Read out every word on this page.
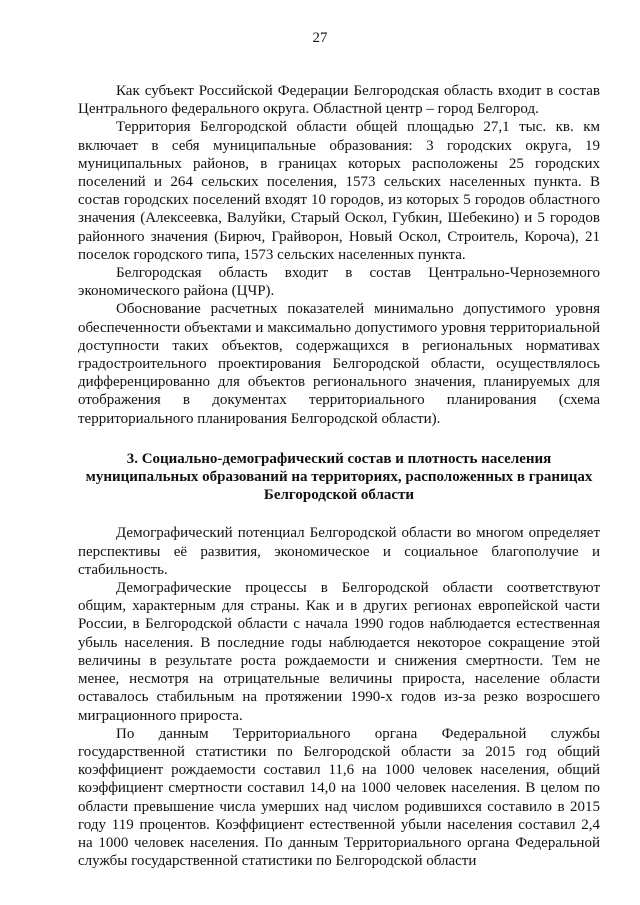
27

Как субъект Российской Федерации Белгородская область входит в состав Центрального федерального округа. Областной центр – город Белгород.

Территория Белгородской области общей площадью 27,1 тыс. кв. км включает в себя муниципальные образования: 3 городских округа, 19 муниципальных районов, в границах которых расположены 25 городских поселений и 264 сельских поселения, 1573 сельских населенных пункта. В состав городских поселений входят 10 городов, из которых 5 городов областного значения (Алексеевка, Валуйки, Старый Оскол, Губкин, Шебекино) и 5 городов районного значения (Бирюч, Грайворон, Новый Оскол, Строитель, Короча), 21 поселок городского типа, 1573 сельских населенных пункта.

Белгородская область входит в состав Центрально-Черноземного экономического района (ЦЧР).

Обоснование расчетных показателей минимально допустимого уровня обеспеченности объектами и максимально допустимого уровня территориальной доступности таких объектов, содержащихся в региональных нормативах градостроительного проектирования Белгородской области, осуществлялось дифференцированно для объектов регионального значения, планируемых для отображения в документах территориального планирования (схема территориального планирования Белгородской области).

3. Социально-демографический состав и плотность населения муниципальных образований на территориях, расположенных в границах Белгородской области

Демографический потенциал Белгородской области во многом определяет перспективы её развития, экономическое и социальное благополучие и стабильность.

Демографические процессы в Белгородской области соответствуют общим, характерным для страны. Как и в других регионах европейской части России, в Белгородской области с начала 1990 годов наблюдается естественная убыль населения. В последние годы наблюдается некоторое сокращение этой величины в результате роста рождаемости и снижения смертности. Тем не менее, несмотря на отрицательные величины прироста, население области оставалось стабильным на протяжении 1990-х годов из-за резко возросшего миграционного прироста.

По данным Территориального органа Федеральной службы государственной статистики по Белгородской области за 2015 год общий коэффициент рождаемости составил 11,6 на 1000 человек населения, общий коэффициент смертности составил 14,0 на 1000 человек населения. В целом по области превышение числа умерших над числом родившихся составило в 2015 году 119 процентов. Коэффициент естественной убыли населения составил 2,4 на 1000 человек населения. По данным Территориального органа Федеральной службы государственной статистики по Белгородской области
